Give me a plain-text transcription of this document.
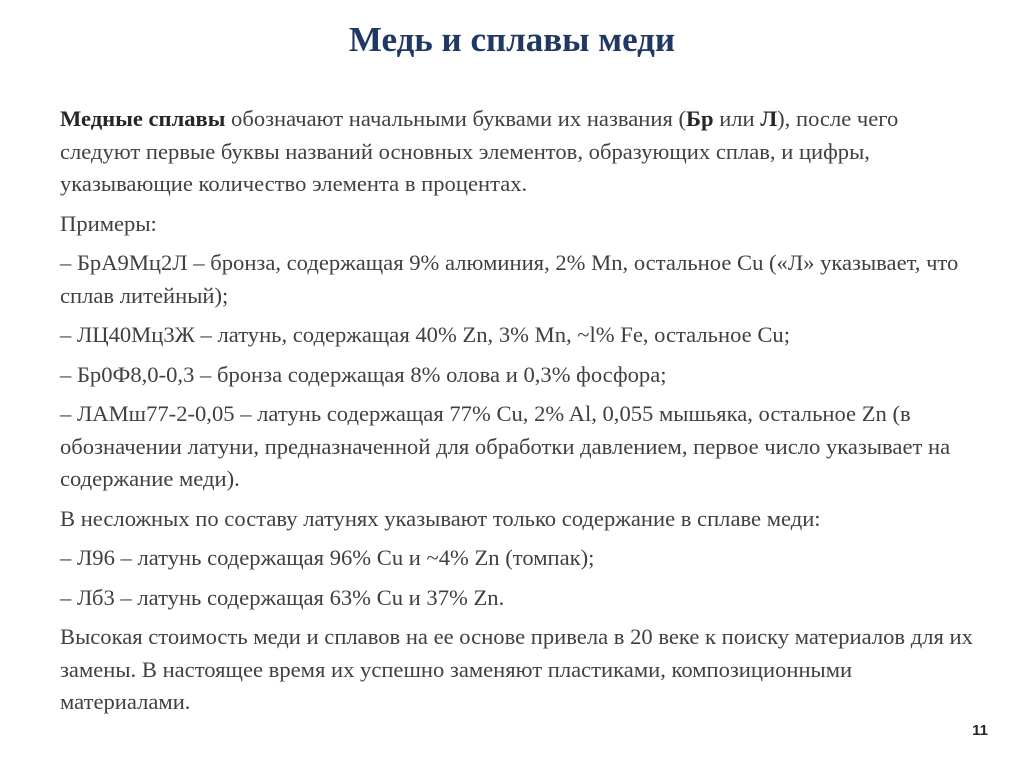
Медь и сплавы меди

Медные сплавы обозначают начальными буквами их названия (Бр или Л), после чего следуют первые буквы названий основных элементов, образующих сплав, и цифры, указывающие количество элемента в процентах.

Примеры:

– БрА9Мц2Л – бронза, содержащая 9% алюминия, 2% Mn, остальное Cu («Л» указывает, что сплав литейный);

– ЛЦ40Мц3Ж – латунь, содержащая 40% Zn, 3% Mn, ~l% Fe, остальное Cu;

– Бр0Ф8,0-0,3 – бронза содержащая 8% олова и 0,3% фосфора;

– ЛАМш77-2-0,05 – латунь содержащая 77% Cu, 2% Al, 0,055 мышьяка, остальное Zn (в обозначении латуни, предназначенной для обработки давлением, первое число указывает на содержание меди).

В несложных по составу латунях указывают только содержание в сплаве меди:

– Л96 – латунь содержащая 96% Cu и ~4% Zn (томпак);

– Лб3 – латунь содержащая 63% Cu и 37% Zn.

Высокая стоимость меди и сплавов на ее основе привела в 20 веке к поиску материалов для их замены. В настоящее время их успешно заменяют пластиками, композиционными материалами.

11
